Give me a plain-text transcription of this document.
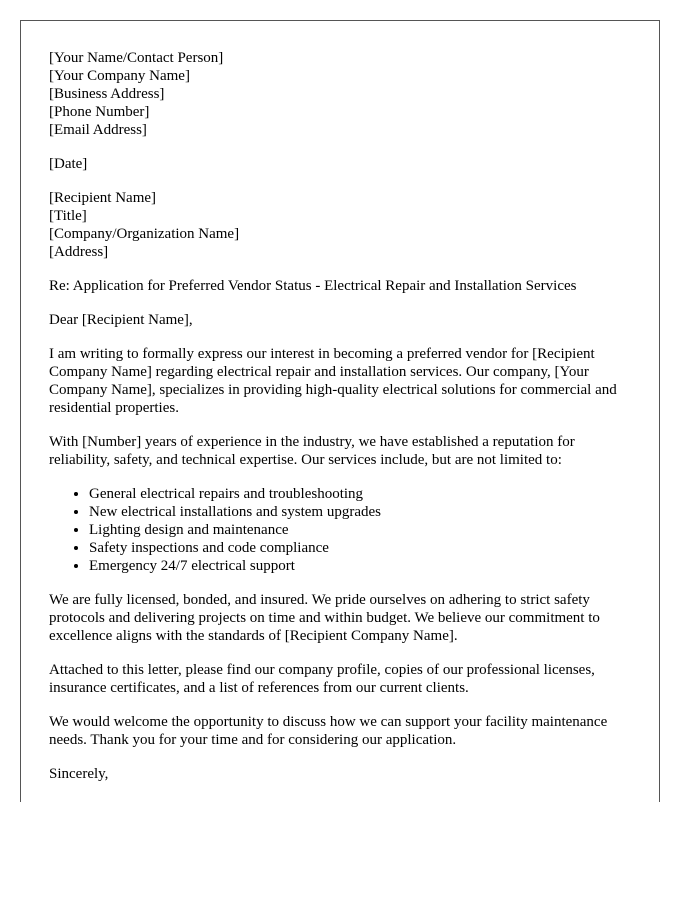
[Your Name/Contact Person]
[Your Company Name]
[Business Address]
[Phone Number]
[Email Address]
[Date]
[Recipient Name]
[Title]
[Company/Organization Name]
[Address]

Re: Application for Preferred Vendor Status - Electrical Repair and Installation Services

Dear [Recipient Name],

I am writing to formally express our interest in becoming a preferred vendor for [Recipient Company Name] regarding electrical repair and installation services. Our company, [Your Company Name], specializes in providing high-quality electrical solutions for commercial and residential properties.

With [Number] years of experience in the industry, we have established a reputation for reliability, safety, and technical expertise. Our services include, but are not limited to:

• General electrical repairs and troubleshooting
• New electrical installations and system upgrades
• Lighting design and maintenance
• Safety inspections and code compliance
• Emergency 24/7 electrical support

We are fully licensed, bonded, and insured. We pride ourselves on adhering to strict safety protocols and delivering projects on time and within budget. We believe our commitment to excellence aligns with the standards of [Recipient Company Name].

Attached to this letter, please find our company profile, copies of our professional licenses, insurance certificates, and a list of references from our current clients.

We would welcome the opportunity to discuss how we can support your facility maintenance needs. Thank you for your time and for considering our application.

Sincerely,
